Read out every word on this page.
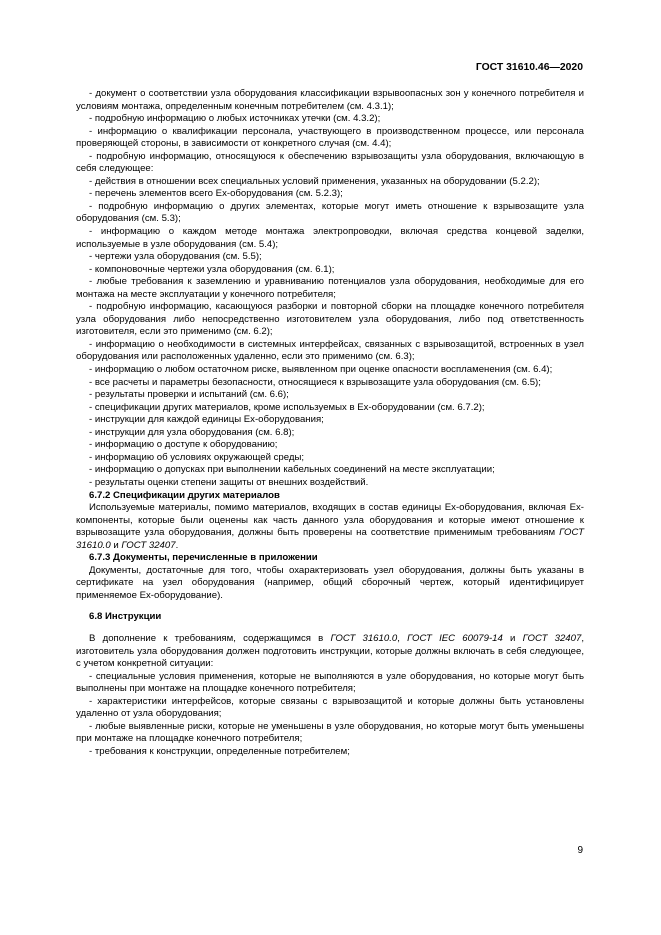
ГОСТ 31610.46—2020

- документ о соответствии узла оборудования классификации взрывоопасных зон у конечного потребителя и условиям монтажа, определенным конечным потребителем (см. 4.3.1);

- подробную информацию о любых источниках утечки (см. 4.3.2);

- информацию о квалификации персонала, участвующего в производственном процессе, или персонала проверяющей стороны, в зависимости от конкретного случая (см. 4.4);

- подробную информацию, относящуюся к обеспечению взрывозащиты узла оборудования, включающую в себя следующее:

- действия в отношении всех специальных условий применения, указанных на оборудовании (5.2.2);

- перечень элементов всего Ex-оборудования (см. 5.2.3);

- подробную информацию о других элементах, которые могут иметь отношение к взрывозащите узла оборудования (см. 5.3);

- информацию о каждом методе монтажа электропроводки, включая средства концевой заделки, используемые в узле оборудования (см. 5.4);

- чертежи узла оборудования (см. 5.5);

- компоновочные чертежи узла оборудования (см. 6.1);

- любые требования к заземлению и уравниванию потенциалов узла оборудования, необходимые для его монтажа на месте эксплуатации у конечного потребителя;

- подробную информацию, касающуюся разборки и повторной сборки на площадке конечного потребителя узла оборудования либо непосредственно изготовителем узла оборудования, либо под ответственность изготовителя, если это применимо (см. 6.2);

- информацию о необходимости в системных интерфейсах, связанных с взрывозащитой, встроенных в узел оборудования или расположенных удаленно, если это применимо (см. 6.3);

- информацию о любом остаточном риске, выявленном при оценке опасности воспламенения (см. 6.4);

- все расчеты и параметры безопасности, относящиеся к взрывозащите узла оборудования (см. 6.5);

- результаты проверки и испытаний (см. 6.6);

- спецификации других материалов, кроме используемых в Ex-оборудовании (см. 6.7.2);

- инструкции для каждой единицы Ex-оборудования;

- инструкции для узла оборудования (см. 6.8);

- информацию о доступе к оборудованию;

- информацию об условиях окружающей среды;

- информацию о допусках при выполнении кабельных соединений на месте эксплуатации;

- результаты оценки степени защиты от внешних воздействий.

6.7.2 Спецификации других материалов

Используемые материалы, помимо материалов, входящих в состав единицы Ex-оборудования, включая Ex-компоненты, которые были оценены как часть данного узла оборудования и которые имеют отношение к взрывозащите узла оборудования, должны быть проверены на соответствие применимым требованиям ГОСТ 31610.0 и ГОСТ 32407.

6.7.3 Документы, перечисленные в приложении

Документы, достаточные для того, чтобы охарактеризовать узел оборудования, должны быть указаны в сертификате на узел оборудования (например, общий сборочный чертеж, который идентифицирует применяемое Ex-оборудование).

6.8 Инструкции

В дополнение к требованиям, содержащимся в ГОСТ 31610.0, ГОСТ IEC 60079-14 и ГОСТ 32407, изготовитель узла оборудования должен подготовить инструкции, которые должны включать в себя следующее, с учетом конкретной ситуации:

- специальные условия применения, которые не выполняются в узле оборудования, но которые могут быть выполнены при монтаже на площадке конечного потребителя;

- характеристики интерфейсов, которые связаны с взрывозащитой и которые должны быть установлены удаленно от узла оборудования;

- любые выявленные риски, которые не уменьшены в узле оборудования, но которые могут быть уменьшены при монтаже на площадке конечного потребителя;

- требования к конструкции, определенные потребителем;

9
